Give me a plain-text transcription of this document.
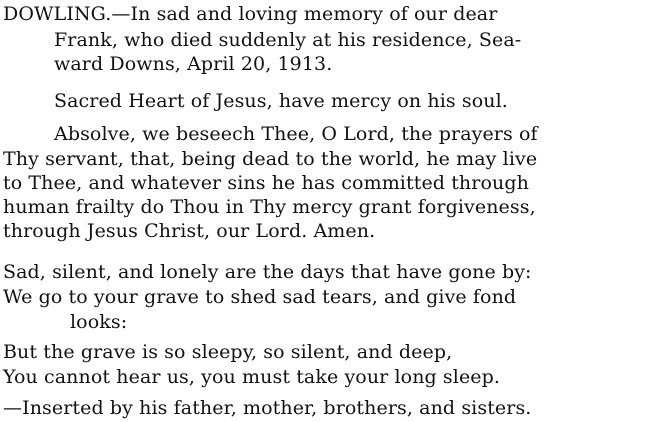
DOWLING.—In sad and loving memory of our dear
Frank, who died suddenly at his residence, Sea-
ward Downs, April 20, 1913.
Sacred Heart of Jesus, have mercy on his soul.
Absolve, we beseech Thee, O Lord, the prayers of
Thy servant, that, being dead to the world, he may live
to Thee, and whatever sins he has committed through
human frailty do Thou in Thy mercy grant forgiveness,
through Jesus Christ, our Lord. Amen.
Sad, silent, and lonely are the days that have gone by:
We go to your grave to shed sad tears, and give fond
looks:
But the grave is so sleepy, so silent, and deep,
You cannot hear us, you must take your long sleep.
—Inserted by his father, mother, brothers, and sisters.
